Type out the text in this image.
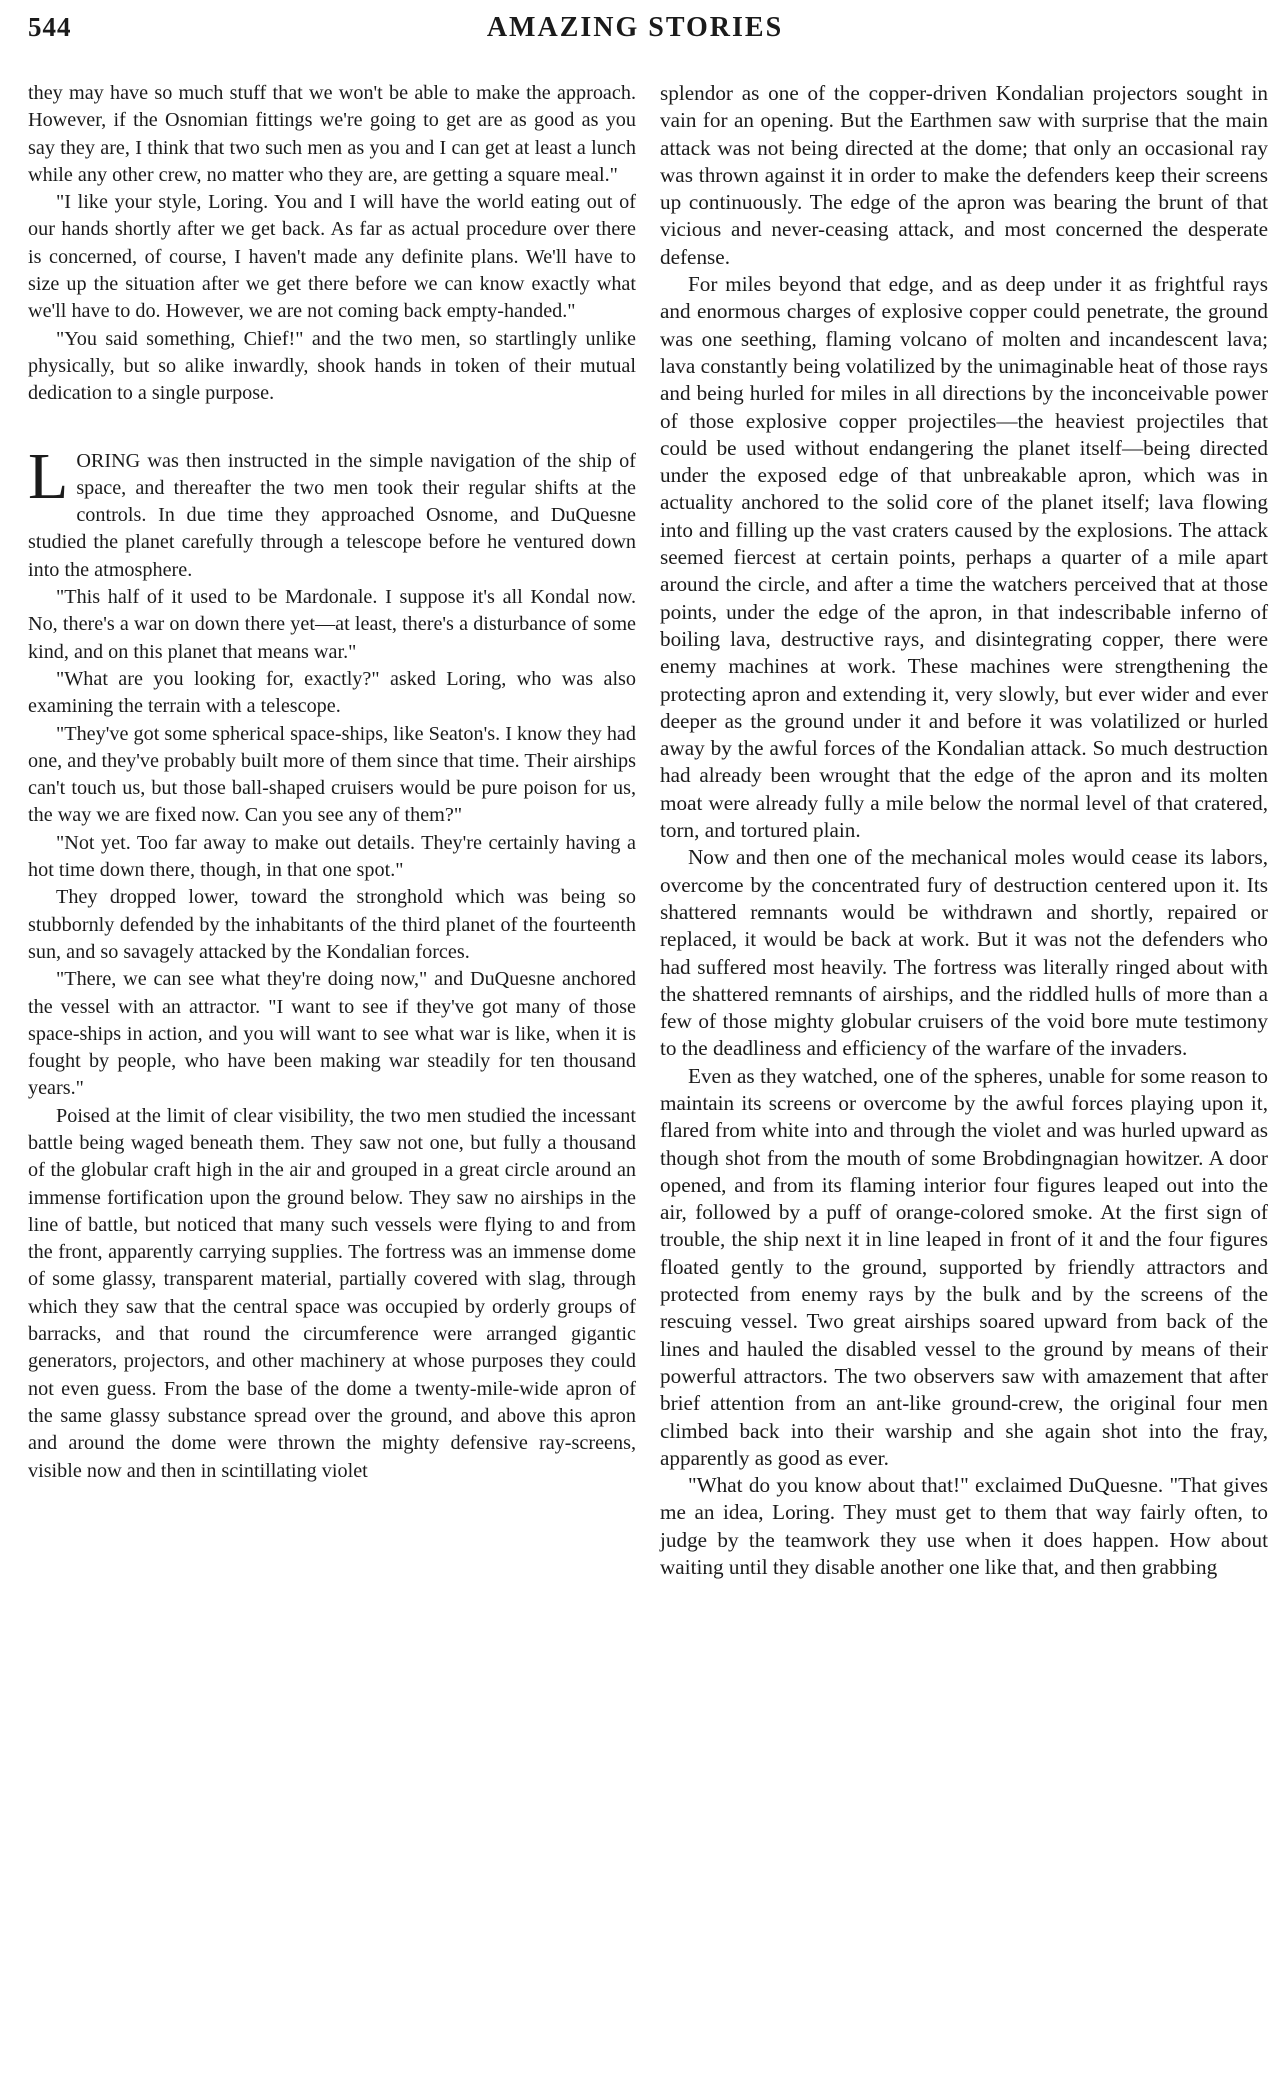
544	AMAZING STORIES

they may have so much stuff that we won't be able to make the approach. However, if the Osnomian fittings we're going to get are as good as you say they are, I think that two such men as you and I can get at least a lunch while any other crew, no matter who they are, are getting a square meal."

"I like your style, Loring. You and I will have the world eating out of our hands shortly after we get back. As far as actual procedure over there is concerned, of course, I haven't made any definite plans. We'll have to size up the situation after we get there before we can know exactly what we'll have to do. However, we are not coming back empty-handed."

"You said something, Chief!" and the two men, so startlingly unlike physically, but so alike inwardly, shook hands in token of their mutual dedication to a single purpose.

LORING was then instructed in the simple navigation of the ship of space, and thereafter the two men took their regular shifts at the controls. In due time they approached Osnome, and DuQuesne studied the planet carefully through a telescope before he ventured down into the atmosphere.

"This half of it used to be Mardonale. I suppose it's all Kondal now. No, there's a war on down there yet—at least, there's a disturbance of some kind, and on this planet that means war."

"What are you looking for, exactly?" asked Loring, who was also examining the terrain with a telescope.

"They've got some spherical space-ships, like Seaton's. I know they had one, and they've probably built more of them since that time. Their airships can't touch us, but those ball-shaped cruisers would be pure poison for us, the way we are fixed now. Can you see any of them?"

"Not yet. Too far away to make out details. They're certainly having a hot time down there, though, in that one spot."

They dropped lower, toward the stronghold which was being so stubbornly defended by the inhabitants of the third planet of the fourteenth sun, and so savagely attacked by the Kondalian forces.

"There, we can see what they're doing now," and DuQuesne anchored the vessel with an attractor. "I want to see if they've got many of those space-ships in action, and you will want to see what war is like, when it is fought by people, who have been making war steadily for ten thousand years."

Poised at the limit of clear visibility, the two men studied the incessant battle being waged beneath them. They saw not one, but fully a thousand of the globular craft high in the air and grouped in a great circle around an immense fortification upon the ground below. They saw no airships in the line of battle, but noticed that many such vessels were flying to and from the front, apparently carrying supplies. The fortress was an immense dome of some glassy, transparent material, partially covered with slag, through which they saw that the central space was occupied by orderly groups of barracks, and that round the circumference were arranged gigantic generators, projectors, and other machinery at whose purposes they could not even guess. From the base of the dome a twenty-mile-wide apron of the same glassy substance spread over the ground, and above this apron and around the dome were thrown the mighty defensive ray-screens, visible now and then in scintillating violet

splendor as one of the copper-driven Kondalian projectors sought in vain for an opening. But the Earthmen saw with surprise that the main attack was not being directed at the dome; that only an occasional ray was thrown against it in order to make the defenders keep their screens up continuously. The edge of the apron was bearing the brunt of that vicious and never-ceasing attack, and most concerned the desperate defense.

For miles beyond that edge, and as deep under it as frightful rays and enormous charges of explosive copper could penetrate, the ground was one seething, flaming volcano of molten and incandescent lava; lava constantly being volatilized by the unimaginable heat of those rays and being hurled for miles in all directions by the inconceivable power of those explosive copper projectiles—the heaviest projectiles that could be used without endangering the planet itself—being directed under the exposed edge of that unbreakable apron, which was in actuality anchored to the solid core of the planet itself; lava flowing into and filling up the vast craters caused by the explosions. The attack seemed fiercest at certain points, perhaps a quarter of a mile apart around the circle, and after a time the watchers perceived that at those points, under the edge of the apron, in that indescribable inferno of boiling lava, destructive rays, and disintegrating copper, there were enemy machines at work. These machines were strengthening the protecting apron and extending it, very slowly, but ever wider and ever deeper as the ground under it and before it was volatilized or hurled away by the awful forces of the Kondalian attack. So much destruction had already been wrought that the edge of the apron and its molten moat were already fully a mile below the normal level of that cratered, torn, and tortured plain.

Now and then one of the mechanical moles would cease its labors, overcome by the concentrated fury of destruction centered upon it. Its shattered remnants would be withdrawn and shortly, repaired or replaced, it would be back at work. But it was not the defenders who had suffered most heavily. The fortress was literally ringed about with the shattered remnants of airships, and the riddled hulls of more than a few of those mighty globular cruisers of the void bore mute testimony to the deadliness and efficiency of the warfare of the invaders.

Even as they watched, one of the spheres, unable for some reason to maintain its screens or overcome by the awful forces playing upon it, flared from white into and through the violet and was hurled upward as though shot from the mouth of some Brobdingnagian howitzer. A door opened, and from its flaming interior four figures leaped out into the air, followed by a puff of orange-colored smoke. At the first sign of trouble, the ship next it in line leaped in front of it and the four figures floated gently to the ground, supported by friendly attractors and protected from enemy rays by the bulk and by the screens of the rescuing vessel. Two great airships soared upward from back of the lines and hauled the disabled vessel to the ground by means of their powerful attractors. The two observers saw with amazement that after brief attention from an ant-like ground-crew, the original four men climbed back into their warship and she again shot into the fray, apparently as good as ever.

"What do you know about that!" exclaimed DuQuesne. "That gives me an idea, Loring. They must get to them that way fairly often, to judge by the teamwork they use when it does happen. How about waiting until they disable another one like that, and then grabbing
